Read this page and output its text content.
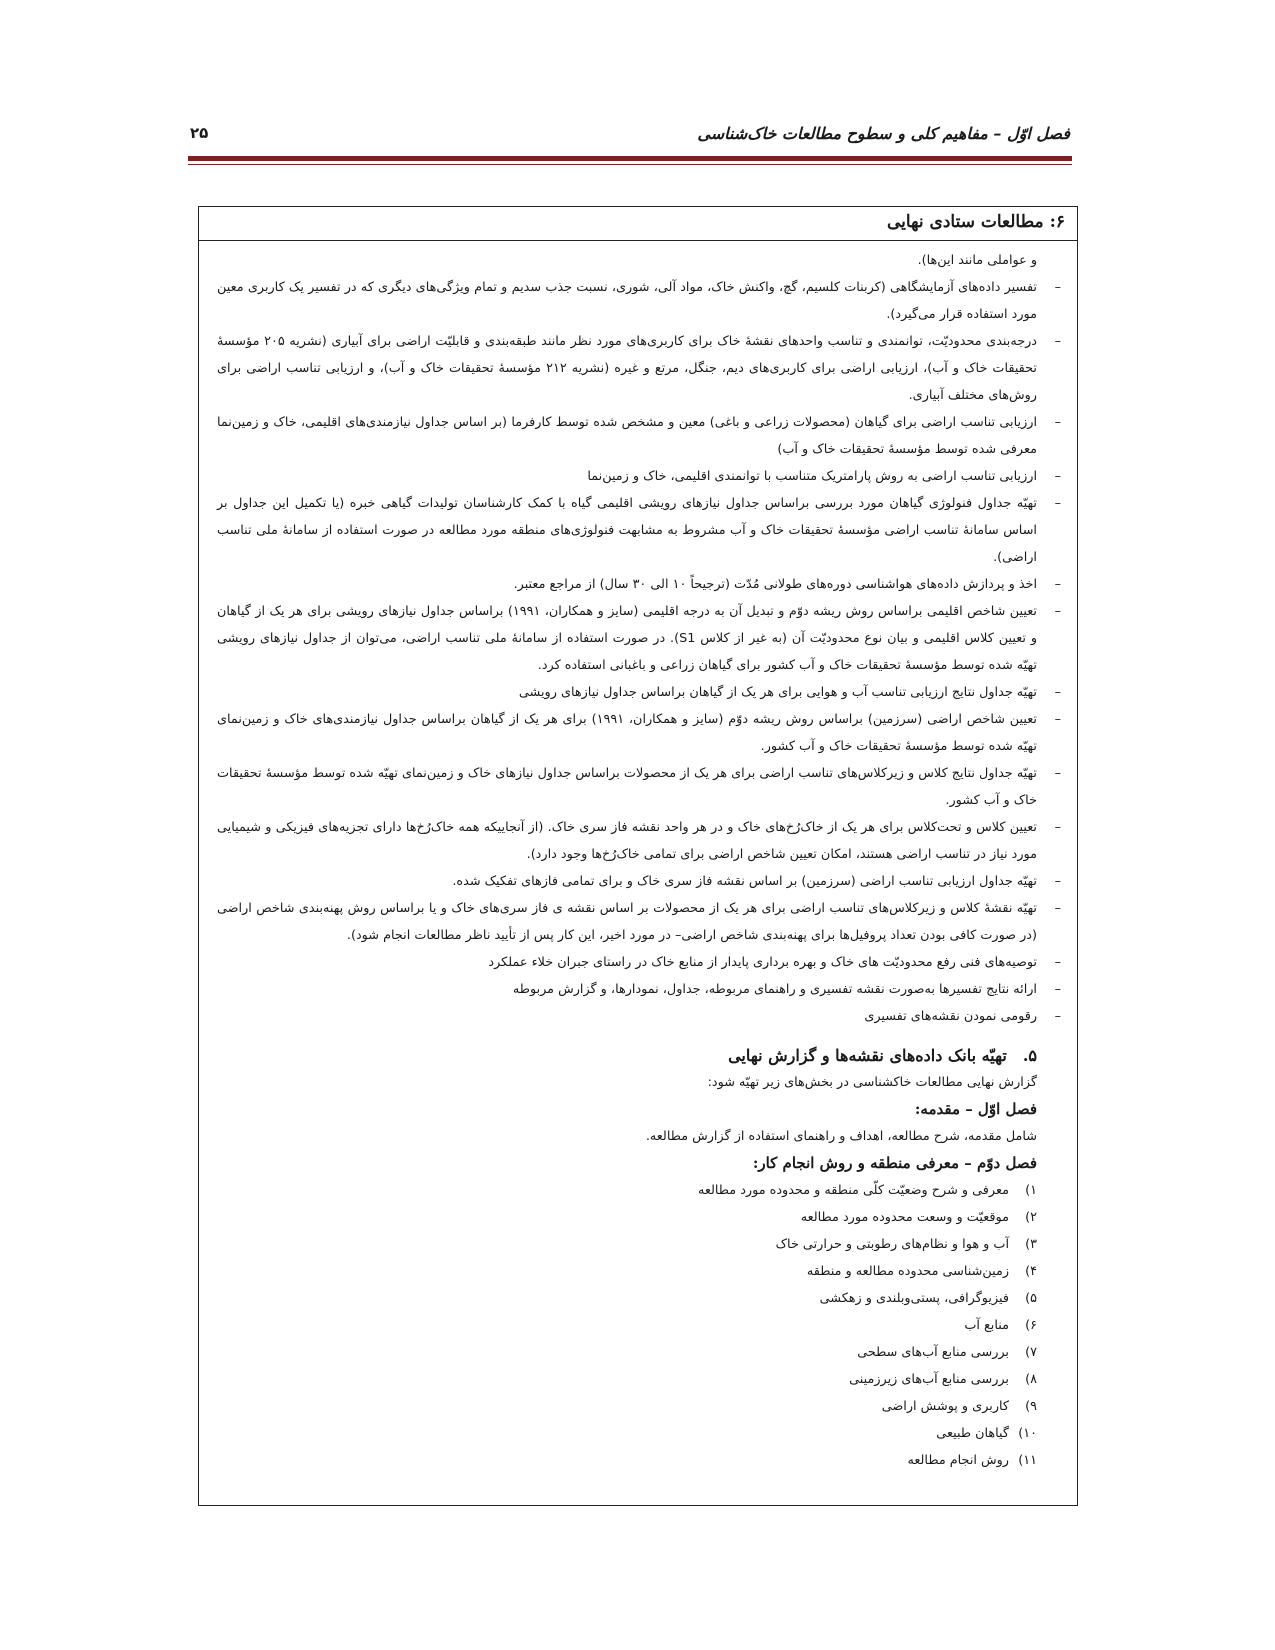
فصل اوّل – مفاهیم کلی و سطوح مطالعات خاک‌شناسی
۲۵
۶: مطالعات ستادی نهایی
و عواملی مانند این‌ها).
–
تفسیر داده‌های آزمایشگاهی (کربنات کلسیم، گچ، واکنش خاک، مواد آلی، شوری، نسبت جذب سدیم و تمام ویژگی‌های دیگری که در تفسیر یک کاربری معین مورد استفاده قرار می‌گیرد).
–
درجه‌بندی محدودیّت، توانمندی و تناسب واحدهای نقشهٔ خاک برای کاربری‌های مورد نظر مانند طبقه‌بندی و قابلیّت اراضی برای آبیاری (نشریه ۲۰۵ مؤسسهٔ تحقیقات خاک و آب)، ارزیابی اراضی برای کاربری‌های دیم، جنگل، مرتع و غیره (نشریه ۲۱۲ مؤسسهٔ تحقیقات خاک و آب)، و ارزیابی تناسب اراضی برای روش‌های مختلف آبیاری.
–
ارزیابی تناسب اراضی برای گیاهان (محصولات زراعی و باغی) معین و مشخص شده توسط کارفرما (بر اساس جداول نیازمندی‌های اقلیمی، خاک و زمین‌نما معرفی شده توسط مؤسسهٔ تحقیقات خاک و آب)
–
ارزیابی تناسب اراضی به روش پارامتریک متناسب با توانمندی اقلیمی، خاک و زمین‌نما
–
تهیّه جداول فنولوژی گیاهان مورد بررسی براساس جداول نیازهای رویشی اقلیمی گیاه با کمک کارشناسان تولیدات گیاهی خبره (یا تکمیل این جداول بر اساس سامانهٔ تناسب اراضی مؤسسهٔ تحقیقات خاک و آب مشروط به مشابهت فنولوژی‌های منطقه مورد مطالعه در صورت استفاده از سامانهٔ ملی تناسب اراضی).
–
اخذ و پردازش داده‌های هواشناسی دوره‌های طولانی مُدّت (ترجیحاً ۱۰ الی ۳۰ سال) از مراجع معتبر.
–
تعیین شاخص اقلیمی براساس روش ریشه دوّم و تبدیل آن به درجه اقلیمی (سایز و همکاران، ۱۹۹۱) براساس جداول نیازهای رویشی برای هر یک از گیاهان و تعیین کلاس اقلیمی و بیان نوع محدودیّت آن (به غیر از کلاس S1). در صورت استفاده از سامانهٔ ملی تناسب اراضی، می‌توان از جداول نیازهای رویشی تهیّه شده توسط مؤسسهٔ تحقیقات خاک و آب کشور برای گیاهان زراعی و باغبانی استفاده کرد.
–
تهیّه جداول نتایج ارزیابی تناسب آب و هوایی برای هر یک از گیاهان براساس جداول نیازهای رویشی
–
تعیین شاخص اراضی (سرزمین) براساس روش ریشه دوّم (سایز و همکاران، ۱۹۹۱) برای هر یک از گیاهان براساس جداول نیازمندی‌های خاک و زمین‌نمای تهیّه شده توسط مؤسسهٔ تحقیقات خاک و آب کشور.
–
تهیّه جداول نتایج کلاس و زیرکلاس‌های تناسب اراضی برای هر یک از محصولات براساس جداول نیازهای خاک و زمین‌نمای تهیّه شده توسط مؤسسهٔ تحقیقات خاک و آب کشور.
–
تعیین کلاس و تحت‌کلاس برای هر یک از خاک‌رُخ‌های خاک و در هر واحد نقشه فاز سری خاک. (از آنجاییکه همه خاک‌رُخ‌ها دارای تجزیه‌های فیزیکی و شیمیایی مورد نیاز در تناسب اراضی هستند، امکان تعیین شاخص اراضی برای تمامی خاک‌رُخ‌ها وجود دارد).
–
تهیّه جداول ارزیابی تناسب اراضی (سرزمین) بر اساس نقشه فاز سری خاک و برای تمامی فازهای تفکیک شده.
–
تهیّه نقشهٔ کلاس و زیرکلاس‌های تناسب اراضی برای هر یک از محصولات بر اساس نقشه ی فاز سری‌های خاک و یا براساس روش پهنه‌بندی شاخص اراضی (در صورت کافی بودن تعداد پروفیل‌ها برای پهنه‌بندی شاخص اراضی– در مورد اخیر، این کار پس از تأیید ناظر مطالعات انجام شود).
–
توصیه‌های فنی رفع محدودیّت های خاک و بهره برداری پایدار از منابع خاک در راستای جبران خلاء عملکرد
–
ارائه نتایج تفسیرها به‌صورت نقشه تفسیری و راهنمای مربوطه، جداول، نمودارها، و گزارش مربوطه
–
رقومی نمودن نقشه‌های تفسیری
۵.تهیّه بانک داده‌های نقشه‌ها و گزارش نهایی
گزارش نهایی مطالعات خاکشناسی در بخش‌های زیر تهیّه شود:
فصل اوّل – مقدمه:
شامل مقدمه، شرح مطالعه، اهداف و راهنمای استفاده از گزارش مطالعه.
فصل دوّم – معرفی منطقه و روش انجام کار:
۱)معرفی و شرح وضعیّت کلّی منطقه و محدوده مورد مطالعه
۲)موقعیّت و وسعت محدوده مورد مطالعه
۳)آب و هوا و نظام‌های رطوبتی و حرارتی خاک
۴)زمین‌شناسی محدوده مطالعه و منطقه
۵)فیزیوگرافی، پستی‌وبلندی و زهکشی
۶)منابع آب
۷)بررسی منابع آب‌های سطحی
۸)بررسی منابع آب‌های زیرزمینی
۹)کاربری و پوشش اراضی
۱۰)گیاهان طبیعی
۱۱)روش انجام مطالعه
